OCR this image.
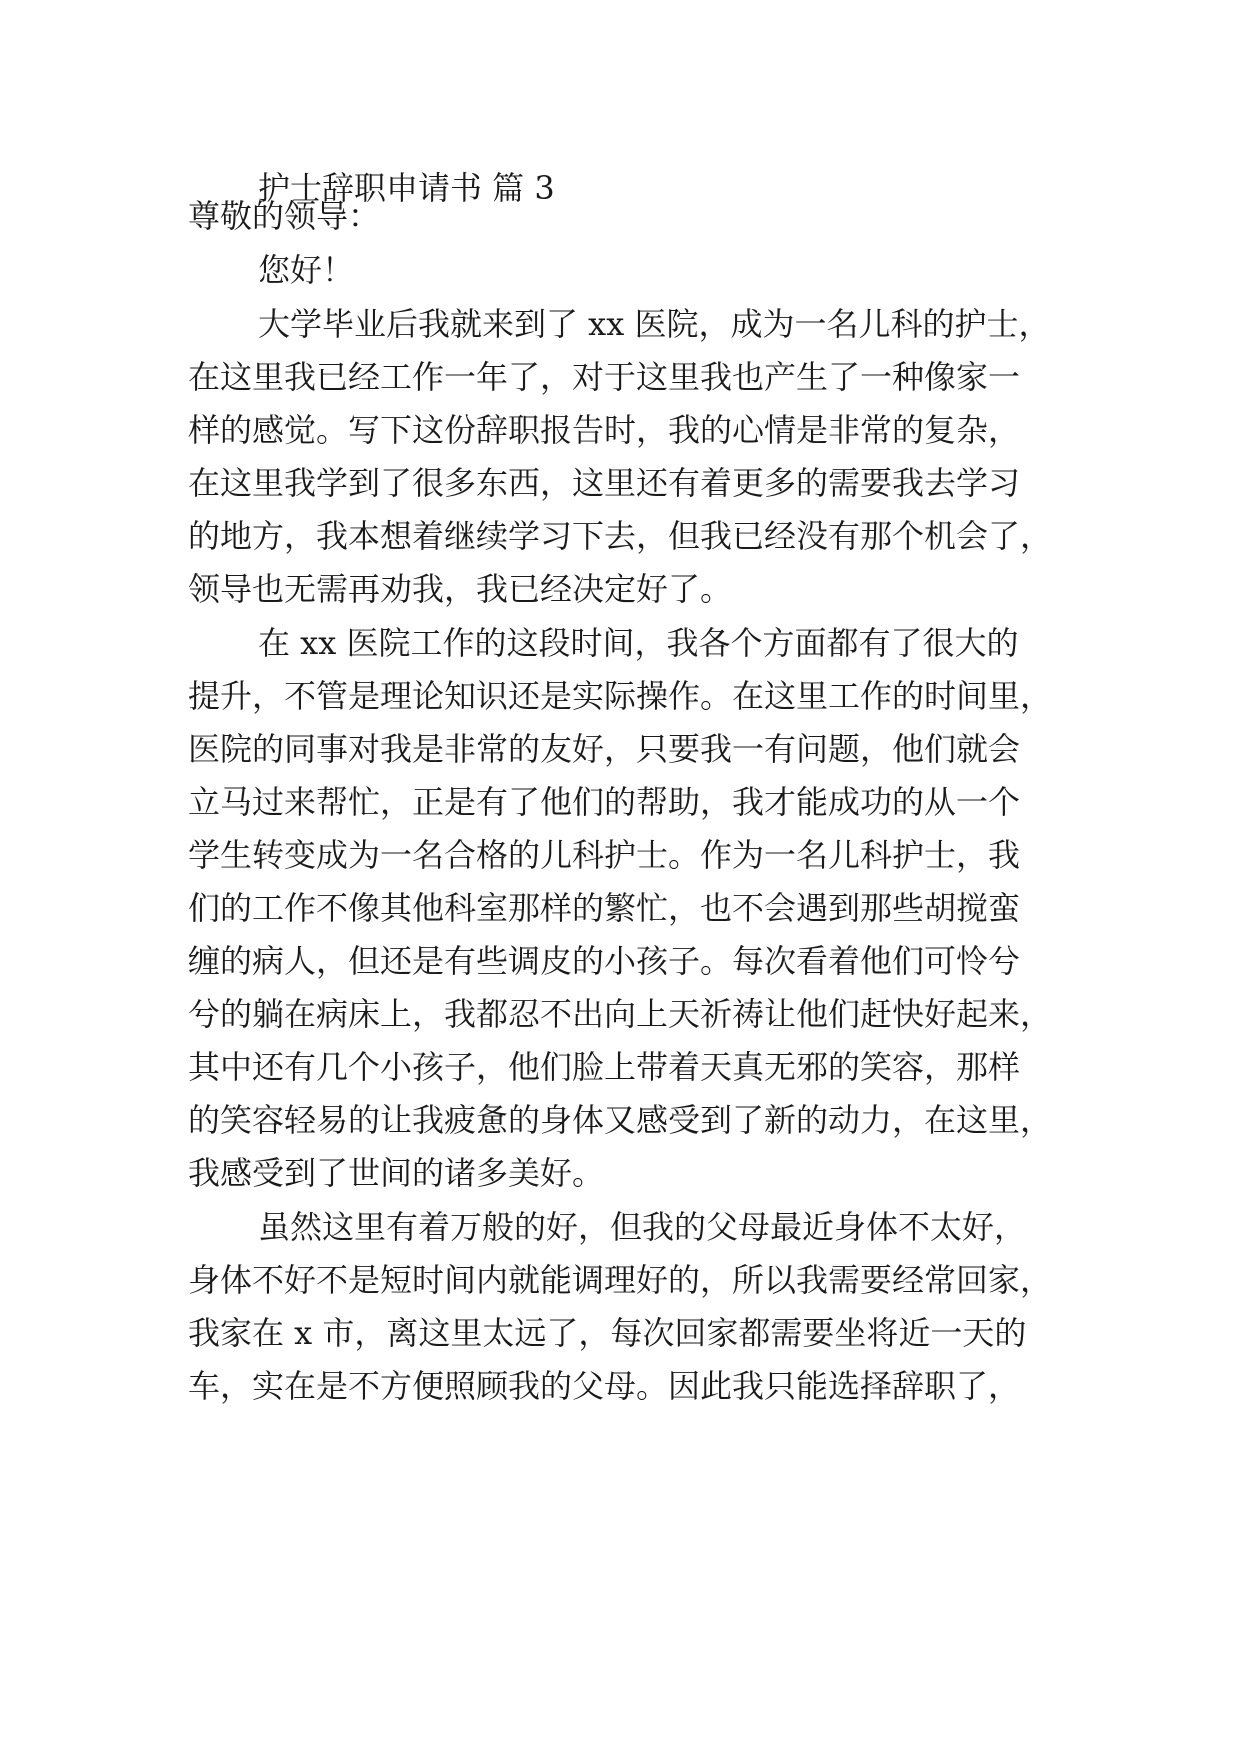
护士辞职申请书 篇 3
尊敬的领导：
您好！
大学毕业后我就来到了 xx 医院，成为一名儿科的护士，
在这里我已经工作一年了，对于这里我也产生了一种像家一
样的感觉。写下这份辞职报告时，我的心情是非常的复杂，
在这里我学到了很多东西，这里还有着更多的需要我去学习
的地方，我本想着继续学习下去，但我已经没有那个机会了，
领导也无需再劝我，我已经决定好了。
在 xx 医院工作的这段时间，我各个方面都有了很大的
提升，不管是理论知识还是实际操作。在这里工作的时间里，
医院的同事对我是非常的友好，只要我一有问题，他们就会
立马过来帮忙，正是有了他们的帮助，我才能成功的从一个
学生转变成为一名合格的儿科护士。作为一名儿科护士，我
们的工作不像其他科室那样的繁忙，也不会遇到那些胡搅蛮
缠的病人，但还是有些调皮的小孩子。每次看着他们可怜兮
兮的躺在病床上，我都忍不出向上天祈祷让他们赶快好起来，
其中还有几个小孩子，他们脸上带着天真无邪的笑容，那样
的笑容轻易的让我疲惫的身体又感受到了新的动力，在这里，
我感受到了世间的诸多美好。
虽然这里有着万般的好，但我的父母最近身体不太好，
身体不好不是短时间内就能调理好的，所以我需要经常回家，
我家在 x 市，离这里太远了，每次回家都需要坐将近一天的
车，实在是不方便照顾我的父母。因此我只能选择辞职了，
